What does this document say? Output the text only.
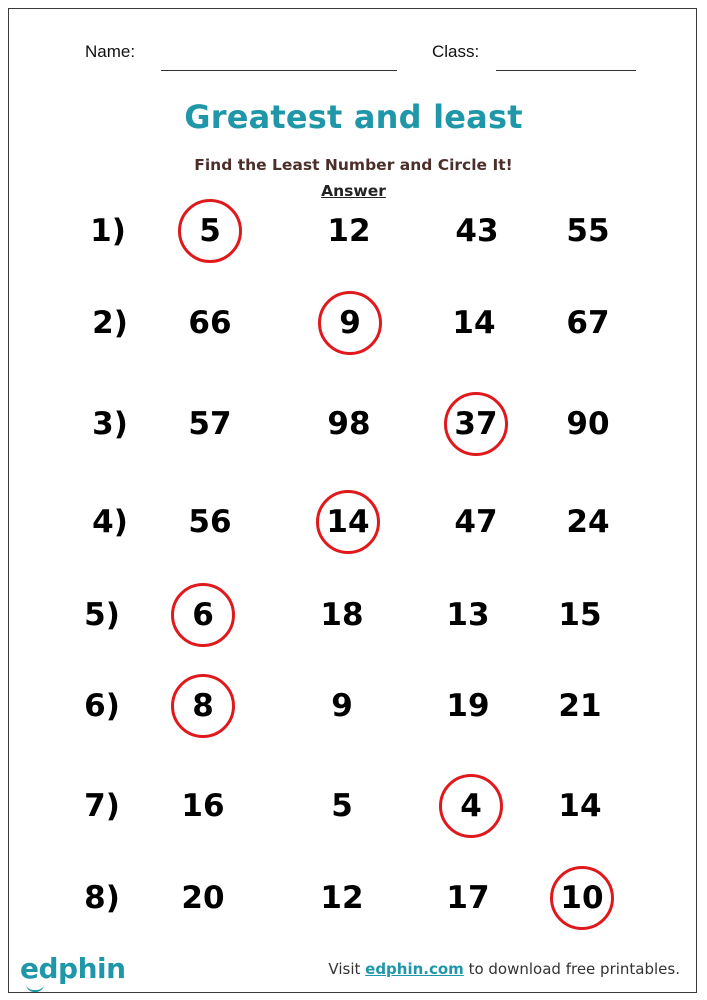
Name:	Class:
Greatest and least
Find the Least Number and Circle It!
Answer
1)	5	12	43	55
2)	66	9	14	67
3)	57	98	37	90
4)	56	14	47	24
5)	6	18	13	15
6)	8	9	19	21
7)	16	5	4	14
8)	20	12	17	10
edphin	Visit edphin.com to download free printables.
